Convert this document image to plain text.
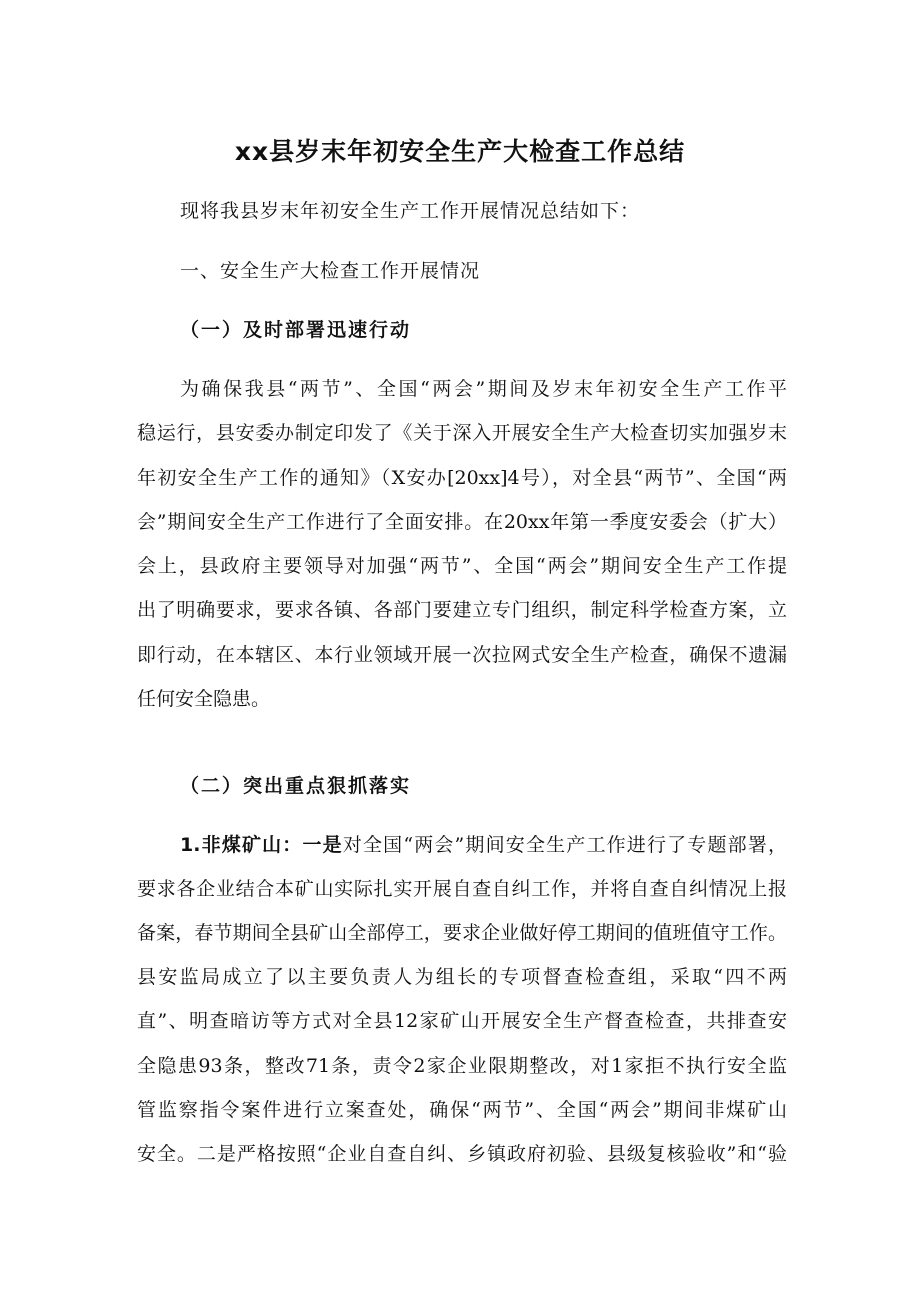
xx县岁末年初安全生产大检查工作总结
现将我县岁末年初安全生产工作开展情况总结如下：
一、安全生产大检查工作开展情况
（一）及时部署迅速行动
为确保我县“两节”、全国“两会”期间及岁末年初安全生产工作平
稳运行，县安委办制定印发了《关于深入开展安全生产大检查切实加强岁末
年初安全生产工作的通知》（X安办[20xx]4号），对全县“两节”、全国“两
会”期间安全生产工作进行了全面安排。在20xx年第一季度安委会（扩大）
会上，县政府主要领导对加强“两节”、全国“两会”期间安全生产工作提
出了明确要求，要求各镇、各部门要建立专门组织，制定科学检查方案，立
即行动，在本辖区、本行业领域开展一次拉网式安全生产检查，确保不遗漏
任何安全隐患。
（二）突出重点狠抓落实
1.非煤矿山：一是对全国“两会”期间安全生产工作进行了专题部署，
要求各企业结合本矿山实际扎实开展自查自纠工作，并将自查自纠情况上报
备案，春节期间全县矿山全部停工，要求企业做好停工期间的值班值守工作。
县安监局成立了以主要负责人为组长的专项督查检查组，采取“四不两
直”、明查暗访等方式对全县12家矿山开展安全生产督查检查，共排查安
全隐患93条，整改71条，责令2家企业限期整改，对1家拒不执行安全监
管监察指令案件进行立案查处，确保“两节”、全国“两会”期间非煤矿山
安全。二是严格按照“企业自查自纠、乡镇政府初验、县级复核验收”和“验
